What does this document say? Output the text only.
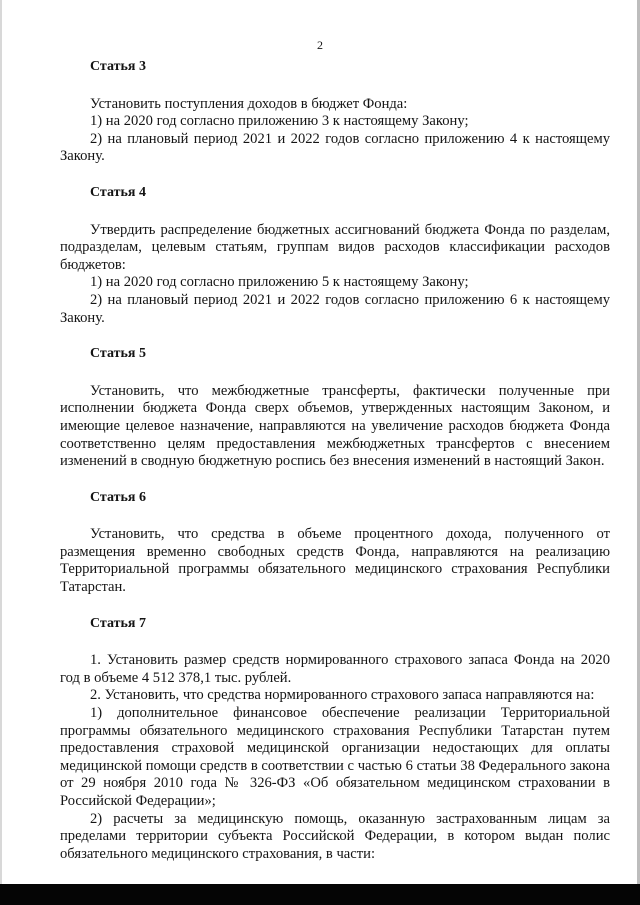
2
Статья 3

Установить поступления доходов в бюджет Фонда:

1) на 2020 год согласно приложению 3 к настоящему Закону;

2) на плановый период 2021 и 2022 годов согласно приложению 4 к настоящему Закону.

Статья 4

Утвердить распределение бюджетных ассигнований бюджета Фонда по разделам, подразделам, целевым статьям, группам видов расходов классификации расходов бюджетов:

1) на 2020 год согласно приложению 5 к настоящему Закону;

2) на плановый период 2021 и 2022 годов согласно приложению 6 к настоящему Закону.

Статья 5

Установить, что межбюджетные трансферты, фактически полученные при исполнении бюджета Фонда сверх объемов, утвержденных настоящим Законом, и имеющие целевое назначение, направляются на увеличение расходов бюджета Фонда соответственно целям предоставления межбюджетных трансфертов с внесением изменений в сводную бюджетную роспись без внесения изменений в настоящий Закон.

Статья 6

Установить, что средства в объеме процентного дохода, полученного от размещения временно свободных средств Фонда, направляются на реализацию Территориальной программы обязательного медицинского страхования Республики Татарстан.

Статья 7

1. Установить размер средств нормированного страхового запаса Фонда на 2020 год в объеме 4 512 378,1 тыс. рублей.

2. Установить, что средства нормированного страхового запаса направляются на:

1) дополнительное финансовое обеспечение реализации Территориальной программы обязательного медицинского страхования Республики Татарстан путем предоставления страховой медицинской организации недостающих для оплаты медицинской помощи средств в соответствии с частью 6 статьи 38 Федерального закона от 29 ноября 2010 года № 326-ФЗ «Об обязательном медицинском страховании в Российской Федерации»;

2) расчеты за медицинскую помощь, оказанную застрахованным лицам за пределами территории субъекта Российской Федерации, в котором выдан полис обязательного медицинского страхования, в части:
